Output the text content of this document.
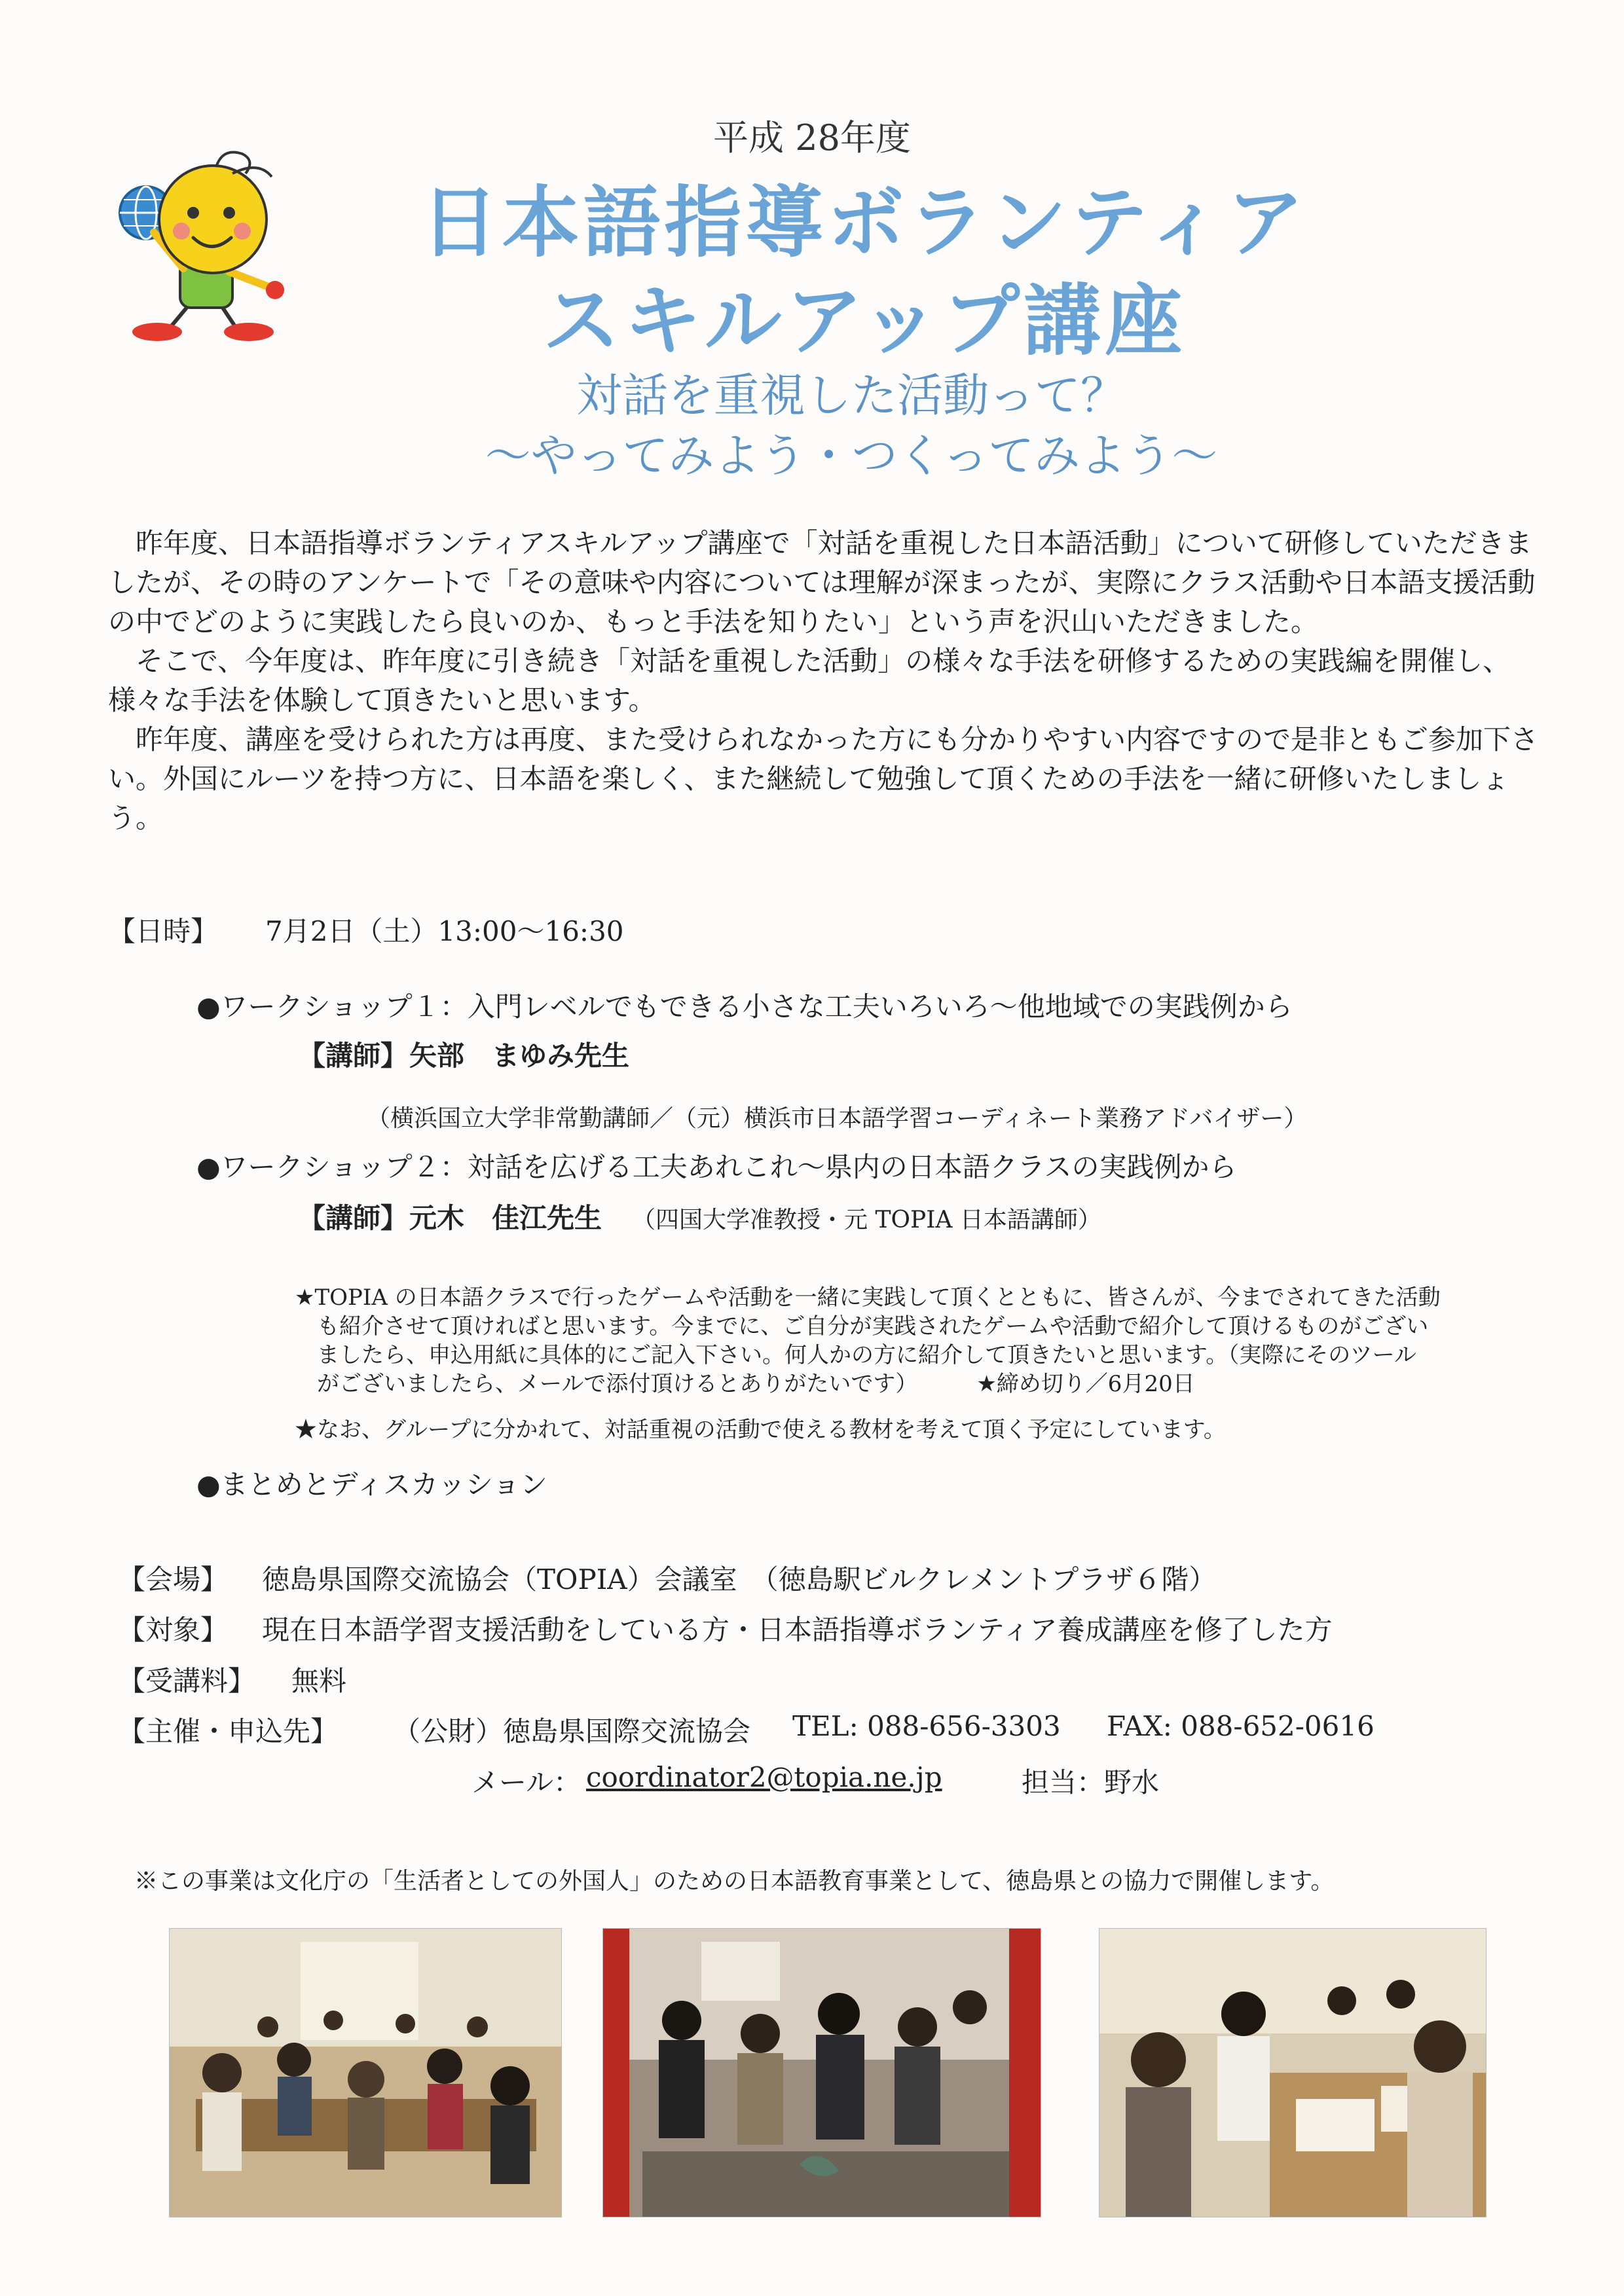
平成 28年度
日本語指導ボランティア
スキルアップ講座
対話を重視した活動って？
～やってみよう・つくってみよう～

昨年度、日本語指導ボランティアスキルアップ講座で「対話を重視した日本語活動」について研修していただきましたが、その時のアンケートで「その意味や内容については理解が深まったが、実際にクラス活動や日本語支援活動の中でどのように実践したら良いのか、もっと手法を知りたい」という声を沢山いただきました。

そこで、今年度は、昨年度に引き続き「対話を重視した活動」の様々な手法を研修するための実践編を開催し、様々な手法を体験して頂きたいと思います。

昨年度、講座を受けられた方は再度、また受けられなかった方にも分かりやすい内容ですので是非ともご参加下さい。外国にルーツを持つ方に、日本語を楽しく、また継続して勉強して頂くための手法を一緒に研修いたしましょう。

【日時】 7月2日（土）13:00～16:30
●ワークショップ１：入門レベルでもできる小さな工夫いろいろ～他地域での実践例から
【講師】 矢部　まゆみ先生
（横浜国立大学非常勤講師／（元）横浜市日本語学習コーディネート業務アドバイザー）
●ワークショップ２：対話を広げる工夫あれこれ～県内の日本語クラスの実践例から
【講師】 元木　佳江先生 （四国大学准教授・元 TOPIA 日本語講師）
★TOPIA の日本語クラスで行ったゲームや活動を一緒に実践して頂くとともに、皆さんが、今までされてきた活動
も紹介させて頂ければと思います。今までに、ご自分が実践されたゲームや活動で紹介して頂けるものがござい
ましたら、申込用紙に具体的にご記入下さい。何人かの方に紹介して頂きたいと思います。（実際にそのツール
がございましたら、メールで添付頂けるとありがたいです）	★締め切り／6月20日
★なお、グループに分かれて、対話重視の活動で使える教材を考えて頂く予定にしています。
●まとめとディスカッション
【会場】 徳島県国際交流協会（TOPIA）会議室　（徳島駅ビルクレメントプラザ６階）
【対象】 現在日本語学習支援活動をしている方・日本語指導ボランティア養成講座を修了した方
【受講料】 無料
【主催・申込先】 （公財）徳島県国際交流協会 TEL: 088-656-3303 FAX: 088-652-0616
メール： coordinator2@topia.ne.jp	担当：野水
※この事業は文化庁の「生活者としての外国人」のための日本語教育事業として、徳島県との協力で開催します。
